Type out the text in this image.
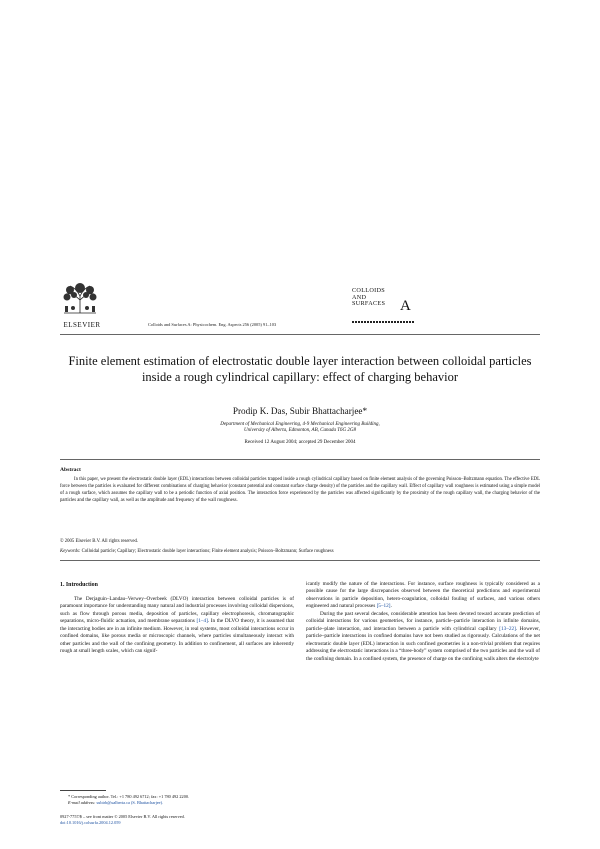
ELSEVIER	Colloids and Surfaces A: Physicochem. Eng. Aspects 256 (2005) 91–103
COLLOIDS
AND
SURFACES A
Finite element estimation of electrostatic double layer interaction between colloidal particles inside a rough cylindrical capillary: effect of charging behavior
Prodip K. Das, Subir Bhattacharjee*
Department of Mechanical Engineering, 4-9 Mechanical Engineering Building,
University of Alberta, Edmonton, AB, Canada T6G 2G8
Received 12 August 2004; accepted 29 December 2004
Abstract
In this paper, we present the electrostatic double layer (EDL) interactions between colloidal particles trapped inside a rough cylindrical capillary based on finite element analysis of the governing Poisson–Boltzmann equation. The effective EDL force between the particles is evaluated for different combinations of charging behavior (constant potential and constant surface charge density) of the particles and the capillary wall. Effect of capillary wall roughness is estimated using a simple model of a rough surface, which assumes the capillary wall to be a periodic function of axial position. The interaction force experienced by the particles was affected significantly by the proximity of the rough capillary wall, the charging behavior of the particles and the capillary wall, as well as the amplitude and frequency of the wall roughness.
© 2005 Elsevier B.V. All rights reserved.
Keywords: Colloidal particle; Capillary; Electrostatic double layer interactions; Finite element analysis; Poisson–Boltzmann; Surface roughness
1. Introduction
The Derjaguin–Landau–Verwey–Overbeek (DLVO) interaction between colloidal particles is of paramount importance for understanding many natural and industrial processes involving colloidal dispersions, such as flow through porous media, deposition of particles, capillary electrophoresis, chromatographic separations, micro-fluidic actuation, and membrane separations [1–4]. In the DLVO theory, it is assumed that the interacting bodies are in an infinite medium. However, in real systems, most colloidal interactions occur in confined domains, like porous media or microscopic channels, where particles simultaneously interact with other particles and the wall of the confining geometry. In addition to confinement, all surfaces are inherently rough at small length scales, which can signif-
icantly modify the nature of the interactions. For instance, surface roughness is typically considered as a possible cause for the large discrepancies observed between the theoretical predictions and experimental observations in particle deposition, hetero-coagulation, colloidal fouling of surfaces, and various others engineered and natural processes [5–12].
During the past several decades, considerable attention has been devoted toward accurate prediction of colloidal interactions for various geometries, for instance, particle–particle interaction in infinite domains, particle–plate interaction, and interaction between a particle with cylindrical capillary [13–22]. However, particle–particle interactions in confined domains have not been studied as rigorously. Calculations of the net electrostatic double layer (EDL) interaction in such confined geometries is a non-trivial problem that requires addressing the electrostatic interactions in a “three-body” system comprised of the two particles and the wall of the confining domain. In a confined system, the presence of charge on the confining walls alters the electrolyte
* Corresponding author. Tel.: +1 780 492 6712; fax: +1 780 492 2200.
E-mail address: subirb@ualberta.ca (S. Bhattacharjee).
0927-7757/$ – see front matter © 2005 Elsevier B.V. All rights reserved.
doi:10.1016/j.colsurfa.2004.12.059
